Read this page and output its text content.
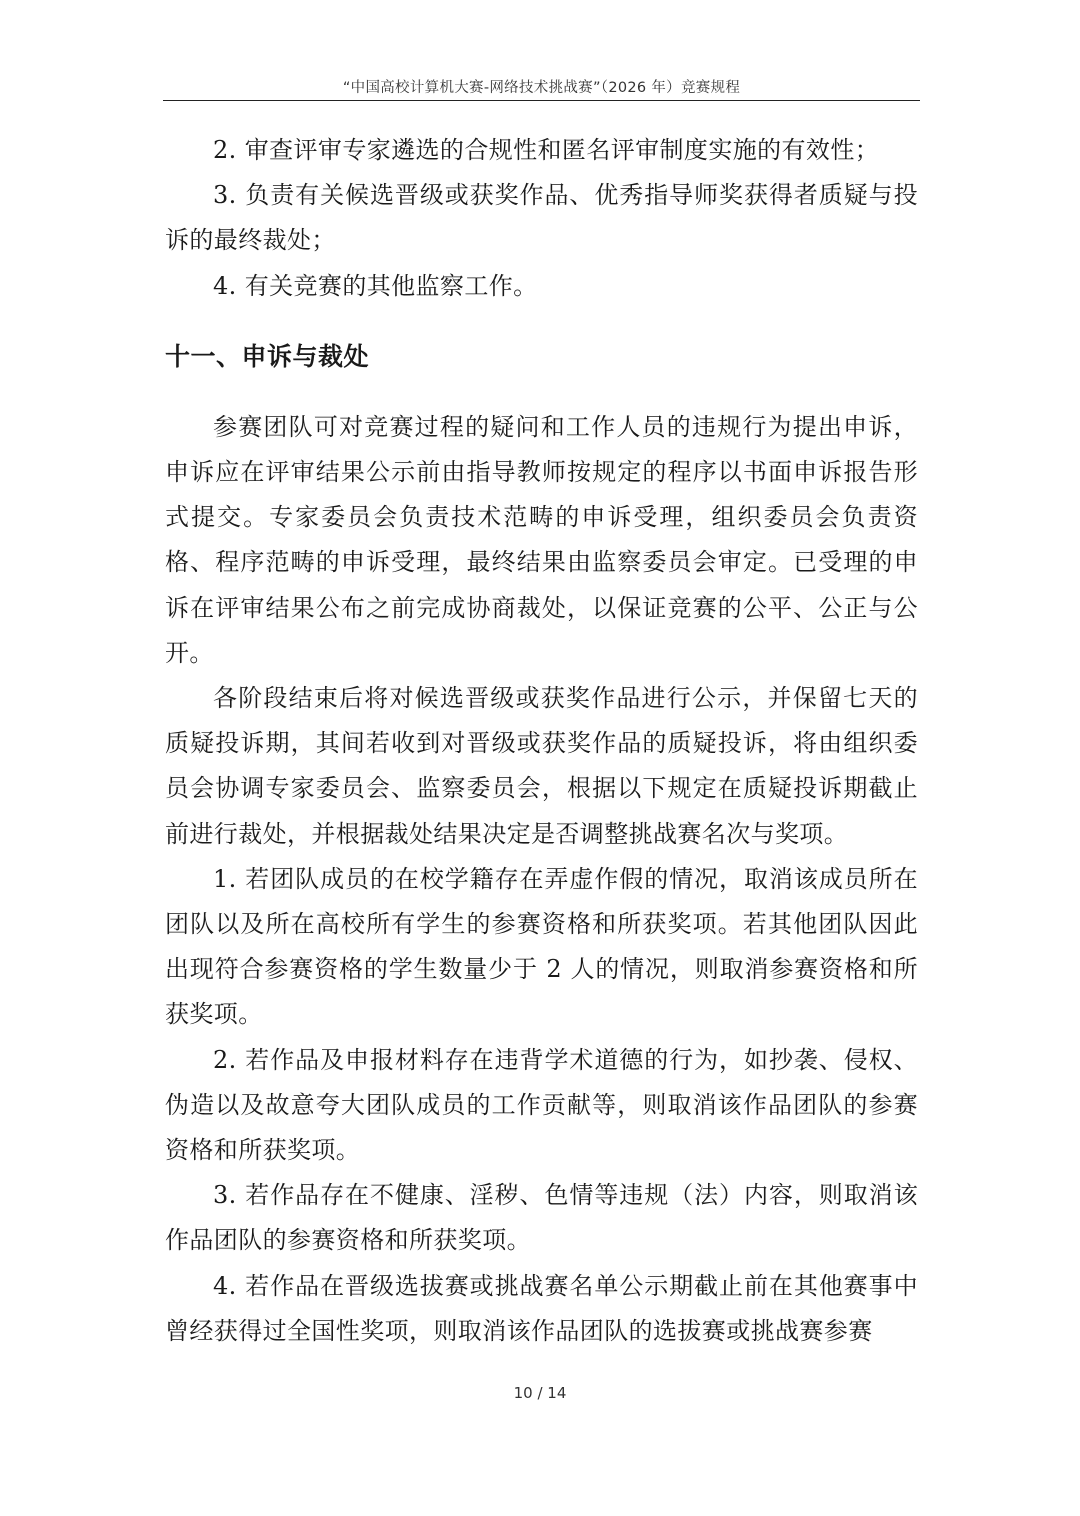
“中国高校计算机大赛-网络技术挑战赛”（2026 年）竞赛规程

2. 审查评审专家遴选的合规性和匿名评审制度实施的有效性；

3. 负责有关候选晋级或获奖作品、优秀指导师奖获得者质疑与投诉的最终裁处；

4. 有关竞赛的其他监察工作。

十一、申诉与裁处

参赛团队可对竞赛过程的疑问和工作人员的违规行为提出申诉，申诉应在评审结果公示前由指导教师按规定的程序以书面申诉报告形式提交。专家委员会负责技术范畴的申诉受理，组织委员会负责资格、程序范畴的申诉受理，最终结果由监察委员会审定。已受理的申诉在评审结果公布之前完成协商裁处，以保证竞赛的公平、公正与公开。

各阶段结束后将对候选晋级或获奖作品进行公示，并保留七天的质疑投诉期，其间若收到对晋级或获奖作品的质疑投诉，将由组织委员会协调专家委员会、监察委员会，根据以下规定在质疑投诉期截止前进行裁处，并根据裁处结果决定是否调整挑战赛名次与奖项。

1. 若团队成员的在校学籍存在弄虚作假的情况，取消该成员所在团队以及所在高校所有学生的参赛资格和所获奖项。若其他团队因此出现符合参赛资格的学生数量少于 2 人的情况，则取消参赛资格和所获奖项。

2. 若作品及申报材料存在违背学术道德的行为，如抄袭、侵权、伪造以及故意夸大团队成员的工作贡献等，则取消该作品团队的参赛资格和所获奖项。

3. 若作品存在不健康、淫秽、色情等违规（法）内容，则取消该作品团队的参赛资格和所获奖项。

4. 若作品在晋级选拔赛或挑战赛名单公示期截止前在其他赛事中曾经获得过全国性奖项，则取消该作品团队的选拔赛或挑战赛参赛

10 / 14
